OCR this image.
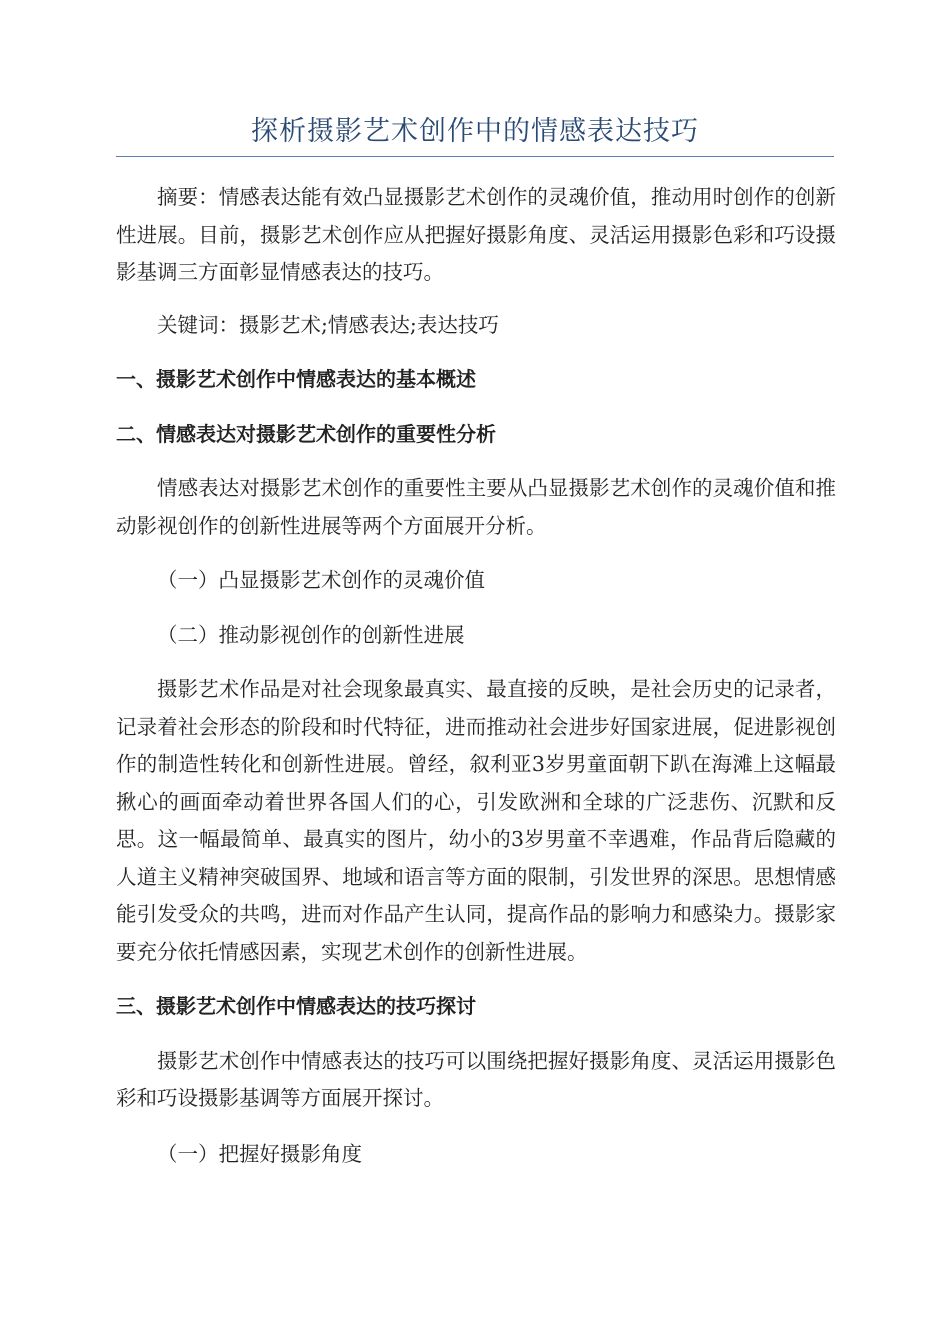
探析摄影艺术创作中的情感表达技巧

摘要：情感表达能有效凸显摄影艺术创作的灵魂价值，推动用时创作的创新性进展。目前，摄影艺术创作应从把握好摄影角度、灵活运用摄影色彩和巧设摄影基调三方面彰显情感表达的技巧。

关键词：摄影艺术;情感表达;表达技巧

一、摄影艺术创作中情感表达的基本概述

二、情感表达对摄影艺术创作的重要性分析

情感表达对摄影艺术创作的重要性主要从凸显摄影艺术创作的灵魂价值和推动影视创作的创新性进展等两个方面展开分析。

（一）凸显摄影艺术创作的灵魂价值

（二）推动影视创作的创新性进展

摄影艺术作品是对社会现象最真实、最直接的反映，是社会历史的记录者，记录着社会形态的阶段和时代特征，进而推动社会进步好国家进展，促进影视创作的制造性转化和创新性进展。曾经，叙利亚3岁男童面朝下趴在海滩上这幅最揪心的画面牵动着世界各国人们的心，引发欧洲和全球的广泛悲伤、沉默和反思。这一幅最简单、最真实的图片，幼小的3岁男童不幸遇难，作品背后隐藏的人道主义精神突破国界、地域和语言等方面的限制，引发世界的深思。思想情感能引发受众的共鸣，进而对作品产生认同，提高作品的影响力和感染力。摄影家要充分依托情感因素，实现艺术创作的创新性进展。

三、摄影艺术创作中情感表达的技巧探讨

摄影艺术创作中情感表达的技巧可以围绕把握好摄影角度、灵活运用摄影色彩和巧设摄影基调等方面展开探讨。

（一）把握好摄影角度
